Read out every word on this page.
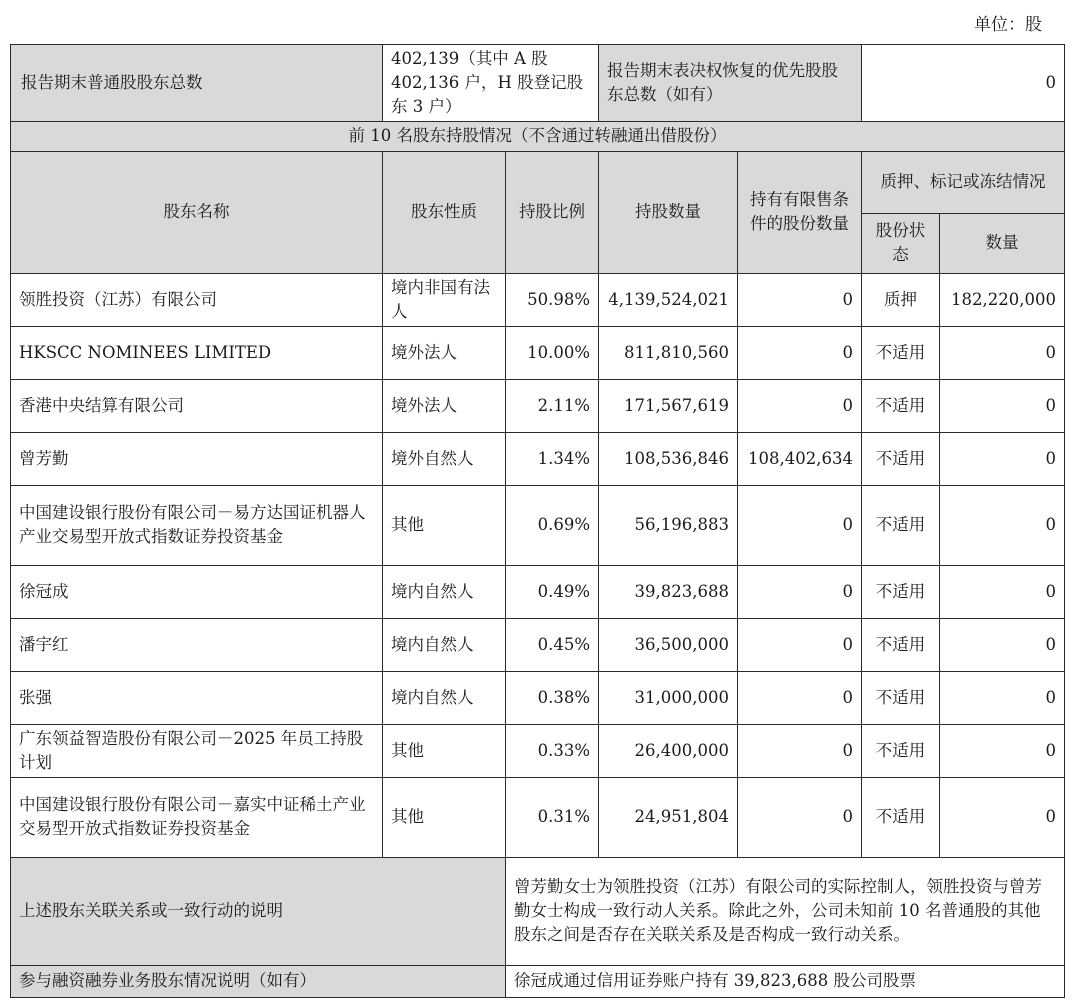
单位：股
报告期末普通股股东总数	402,139（其中 A 股 402,136 户，H 股登记股东 3 户）		报告期末表决权恢复的优先股股东总数（如有）		0	
前 10 名股东持股情况（不含通过转融通出借股份）						
股东名称	股东性质	持股比例	持股数量	持有有限售条件的股份数量	质押、标记或冻结情况	
					股份状态	数量
领胜投资（江苏）有限公司	境内非国有法人	50.98%	4,139,524,021	0	质押	182,220,000
HKSCC NOMINEES LIMITED	境外法人	10.00%	811,810,560	0	不适用	0
香港中央结算有限公司	境外法人	2.11%	171,567,619	0	不适用	0
曾芳勤	境外自然人	1.34%	108,536,846	108,402,634	不适用	0
中国建设银行股份有限公司－易方达国证机器人产业交易型开放式指数证券投资基金	其他	0.69%	56,196,883	0	不适用	0
徐冠成	境内自然人	0.49%	39,823,688	0	不适用	0
潘宇红	境内自然人	0.45%	36,500,000	0	不适用	0
张强	境内自然人	0.38%	31,000,000	0	不适用	0
广东领益智造股份有限公司－2025 年员工持股计划	其他	0.33%	26,400,000	0	不适用	0
中国建设银行股份有限公司－嘉实中证稀土产业交易型开放式指数证券投资基金	其他	0.31%	24,951,804	0	不适用	0
上述股东关联关系或一致行动的说明		曾芳勤女士为领胜投资（江苏）有限公司的实际控制人，领胜投资与曾芳勤女士构成一致行动人关系。除此之外，公司未知前 10 名普通股的其他股东之间是否存在关联关系及是否构成一致行动关系。				
参与融资融券业务股东情况说明（如有）		徐冠成通过信用证券账户持有 39,823,688 股公司股票				
